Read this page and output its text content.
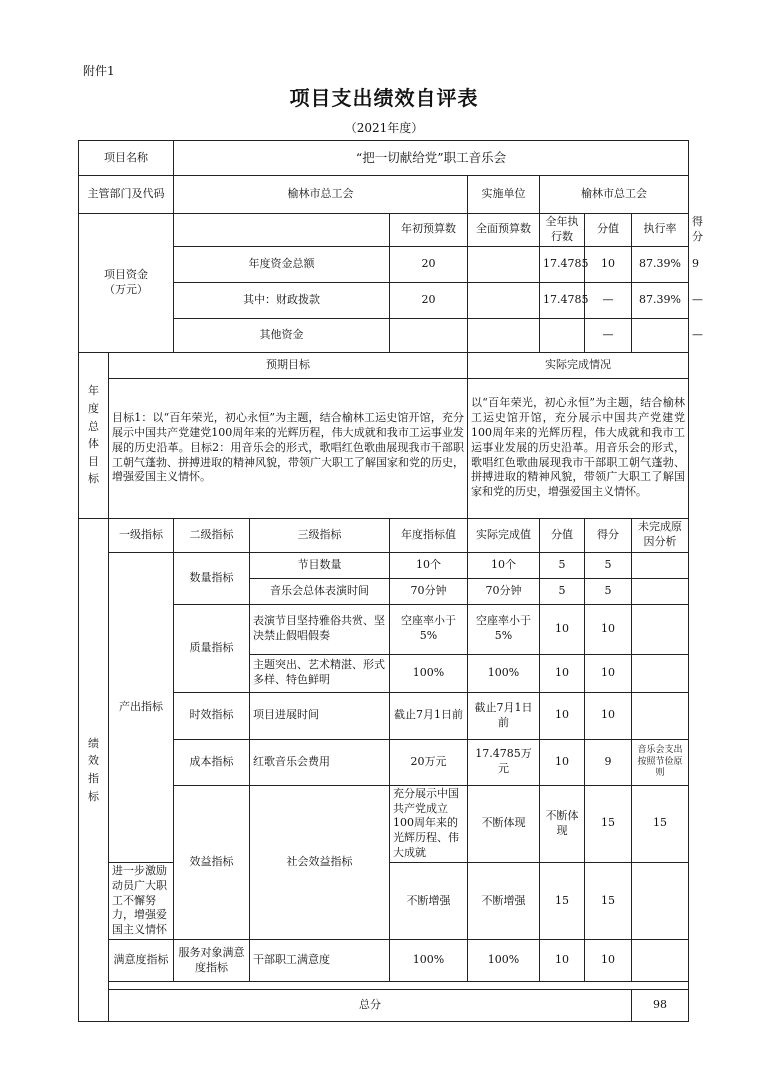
附件1
项目支出绩效自评表
（2021年度）
项目名称		“把一切献给党”职工音乐会							
主管部门及代码		榆林市总工会			实施单位	榆林市总工会			
项目资金
（万元）				年初预算数	全面预算数	全年执行数	分值	执行率	得分
		年度资金总额		20		17.4785	10	87.39%	9
		其中：财政拨款		20		17.4785	—	87.39%	—
		其他资金					—		—

年度总体目标	预期目标				实际完成情况				
	目标1：以“百年荣光，初心永恒”为主题，结合榆林工运史馆开馆，充分展示中国共产党建党100周年来的光辉历程，伟大成就和我市工运事业发展的历史沿革。目标2：用音乐会的形式，歌唱红色歌曲展现我市干部职工朝气蓬勃、拼搏进取的精神风貌，带领广大职工了解国家和党的历史，增强爱国主义情怀。				以“百年荣光，初心永恒”为主题，结合榆林工运史馆开馆，充分展示中国共产党建党100周年来的光辉历程，伟大成就和我市工运事业发展的历史沿革。用音乐会的形式，歌唱红色歌曲展现我市干部职工朝气蓬勃、拼搏进取的精神风貌，带领广大职工了解国家和党的历史，增强爱国主义情怀。				

绩效指标	一级指标	二级指标	三级指标	年度指标值	实际完成值	分值	得分	未完成原因分析	
	产出指标	数量指标	节目数量	10个	10个	5	5		
			音乐会总体表演时间	70分钟	70分钟	5	5		
		质量指标	表演节目坚持雅俗共赏、坚决禁止假唱假奏	空座率小于5%	空座率小于5%	10	10		
			主题突出、艺术精湛、形式多样、特色鲜明	100%	100%	10	10		
		时效指标	项目进展时间	截止7月1日前	截止7月1日前	10	10		
		成本指标	红歌音乐会费用	20万元	17.4785万元	10	9	音乐会支出按照节俭原则	
		效益指标	社会效益指标	充分展示中国共产党成立100周年来的光辉历程、伟大成就	不断体现	不断体现	15	15	
	进一步激励动员广大职工不懈努力，增强爱国主义情怀			不断增强	不断增强	15	15		
	满意度指标	服务对象满意度指标	干部职工满意度	100%	100%	10	10		

	总分							98	
